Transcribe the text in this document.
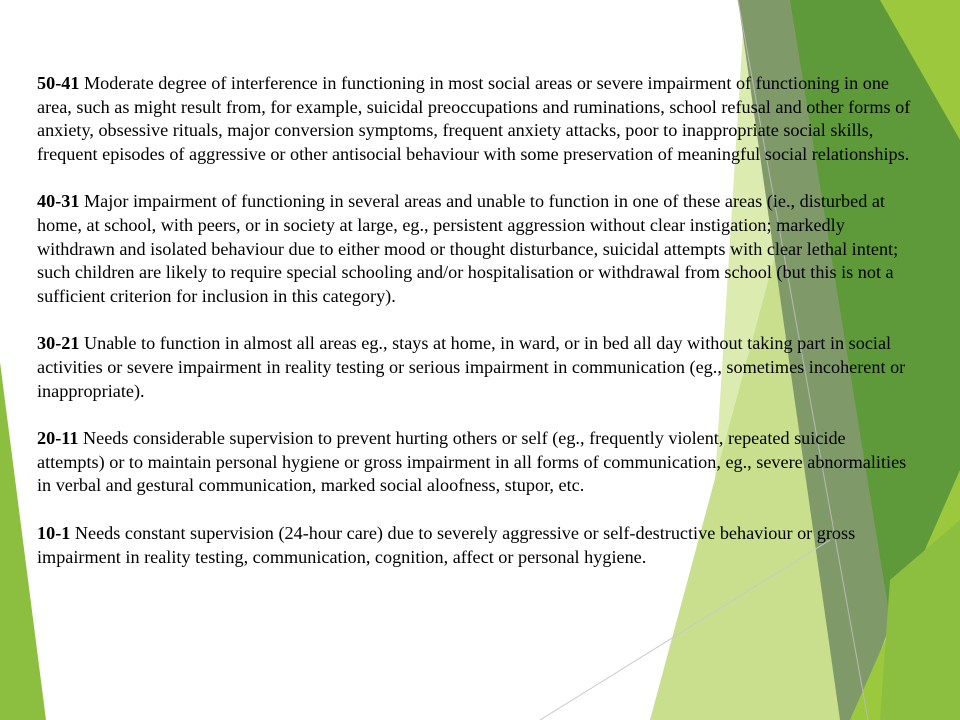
50-41 Moderate degree of interference in functioning in most social areas or severe impairment of functioning in one area, such as might result from, for example, suicidal preoccupations and ruminations, school refusal and other forms of anxiety, obsessive rituals, major conversion symptoms, frequent anxiety attacks, poor to inappropriate social skills, frequent episodes of aggressive or other antisocial behaviour with some preservation of meaningful social relationships.

40-31 Major impairment of functioning in several areas and unable to function in one of these areas (ie., disturbed at home, at school, with peers, or in society at large, eg., persistent aggression without clear instigation; markedly withdrawn and isolated behaviour due to either mood or thought disturbance, suicidal attempts with clear lethal intent; such children are likely to require special schooling and/or hospitalisation or withdrawal from school (but this is not a sufficient criterion for inclusion in this category).

30-21 Unable to function in almost all areas eg., stays at home, in ward, or in bed all day without taking part in social activities or severe impairment in reality testing or serious impairment in communication (eg., sometimes incoherent or inappropriate).

20-11 Needs considerable supervision to prevent hurting others or self (eg., frequently violent, repeated suicide attempts) or to maintain personal hygiene or gross impairment in all forms of communication, eg., severe abnormalities in verbal and gestural communication, marked social aloofness, stupor, etc.

10-1 Needs constant supervision (24-hour care) due to severely aggressive or self-destructive behaviour or gross impairment in reality testing, communication, cognition, affect or personal hygiene.
